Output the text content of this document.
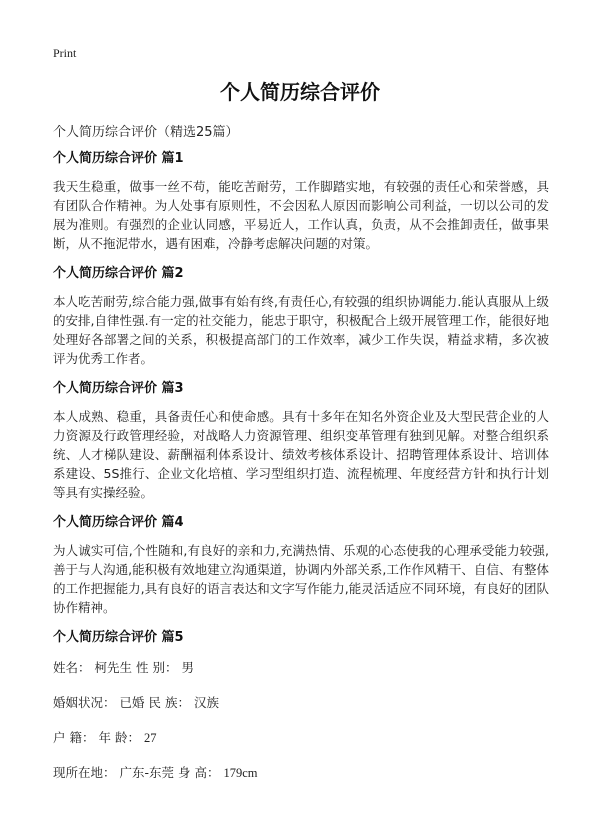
Print
个人简历综合评价
个人简历综合评价（精选25篇）
个人简历综合评价 篇1

我天生稳重，做事一丝不苟，能吃苦耐劳，工作脚踏实地，有较强的责任心和荣誉感，具有团队合作精神。为人处事有原则性，不会因私人原因而影响公司利益，一切以公司的发展为准则。有强烈的企业认同感，平易近人，工作认真，负责，从不会推卸责任，做事果断，从不拖泥带水，遇有困难，冷静考虑解决问题的对策。

个人简历综合评价 篇2

本人吃苦耐劳,综合能力强,做事有始有终,有责任心,有较强的组织协调能力.能认真服从上级的安排,自律性强.有一定的社交能力，能忠于职守，积极配合上级开展管理工作，能很好地处理好各部署之间的关系，积极提高部门的工作效率，减少工作失误，精益求精，多次被评为优秀工作者。

个人简历综合评价 篇3

本人成熟、稳重，具备责任心和使命感。具有十多年在知名外资企业及大型民营企业的人力资源及行政管理经验，对战略人力资源管理、组织变革管理有独到见解。对整合组织系统、人才梯队建设、薪酬福利体系设计、绩效考核体系设计、招聘管理体系设计、培训体系建设、5S推行、企业文化培植、学习型组织打造、流程梳理、年度经营方针和执行计划等具有实操经验。

个人简历综合评价 篇4

为人诚实可信,个性随和,有良好的亲和力,充满热情、乐观的心态使我的心理承受能力较强,善于与人沟通,能积极有效地建立沟通渠道，协调内外部关系,工作作风精干、自信、有整体的工作把握能力,具有良好的语言表达和文字写作能力,能灵活适应不同环境，有良好的团队协作精神。

个人简历综合评价 篇5
姓名： 柯先生 性 别： 男
婚姻状况： 已婚 民 族： 汉族
户 籍： 年 龄： 27
现所在地： 广东-东莞 身 高： 179cm
